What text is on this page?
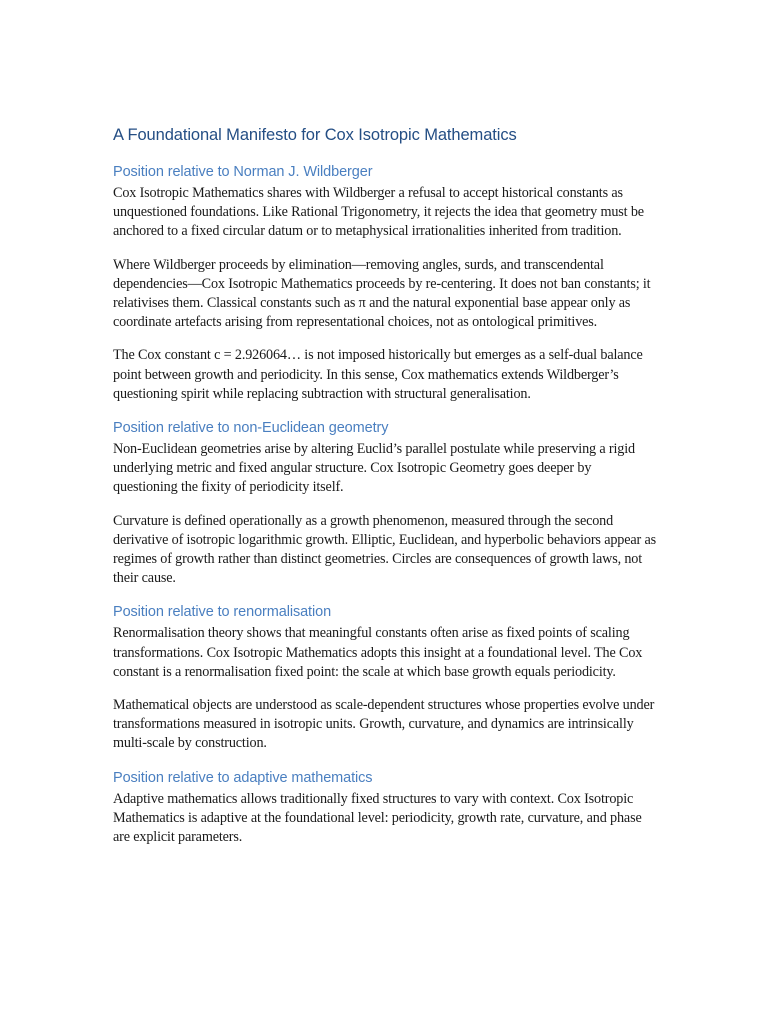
A Foundational Manifesto for Cox Isotropic Mathematics
Position relative to Norman J. Wildberger

Cox Isotropic Mathematics shares with Wildberger a refusal to accept historical constants as unquestioned foundations. Like Rational Trigonometry, it rejects the idea that geometry must be anchored to a fixed circular datum or to metaphysical irrationalities inherited from tradition.

Where Wildberger proceeds by elimination—removing angles, surds, and transcendental dependencies—Cox Isotropic Mathematics proceeds by re-centering. It does not ban constants; it relativises them. Classical constants such as π and the natural exponential base appear only as coordinate artefacts arising from representational choices, not as ontological primitives.

The Cox constant c = 2.926064… is not imposed historically but emerges as a self-dual balance point between growth and periodicity. In this sense, Cox mathematics extends Wildberger’s questioning spirit while replacing subtraction with structural generalisation.

Position relative to non-Euclidean geometry

Non-Euclidean geometries arise by altering Euclid’s parallel postulate while preserving a rigid underlying metric and fixed angular structure. Cox Isotropic Geometry goes deeper by questioning the fixity of periodicity itself.

Curvature is defined operationally as a growth phenomenon, measured through the second derivative of isotropic logarithmic growth. Elliptic, Euclidean, and hyperbolic behaviors appear as regimes of growth rather than distinct geometries. Circles are consequences of growth laws, not their cause.

Position relative to renormalisation

Renormalisation theory shows that meaningful constants often arise as fixed points of scaling transformations. Cox Isotropic Mathematics adopts this insight at a foundational level. The Cox constant is a renormalisation fixed point: the scale at which base growth equals periodicity.

Mathematical objects are understood as scale-dependent structures whose properties evolve under transformations measured in isotropic units. Growth, curvature, and dynamics are intrinsically multi-scale by construction.

Position relative to adaptive mathematics

Adaptive mathematics allows traditionally fixed structures to vary with context. Cox Isotropic Mathematics is adaptive at the foundational level: periodicity, growth rate, curvature, and phase are explicit parameters.
